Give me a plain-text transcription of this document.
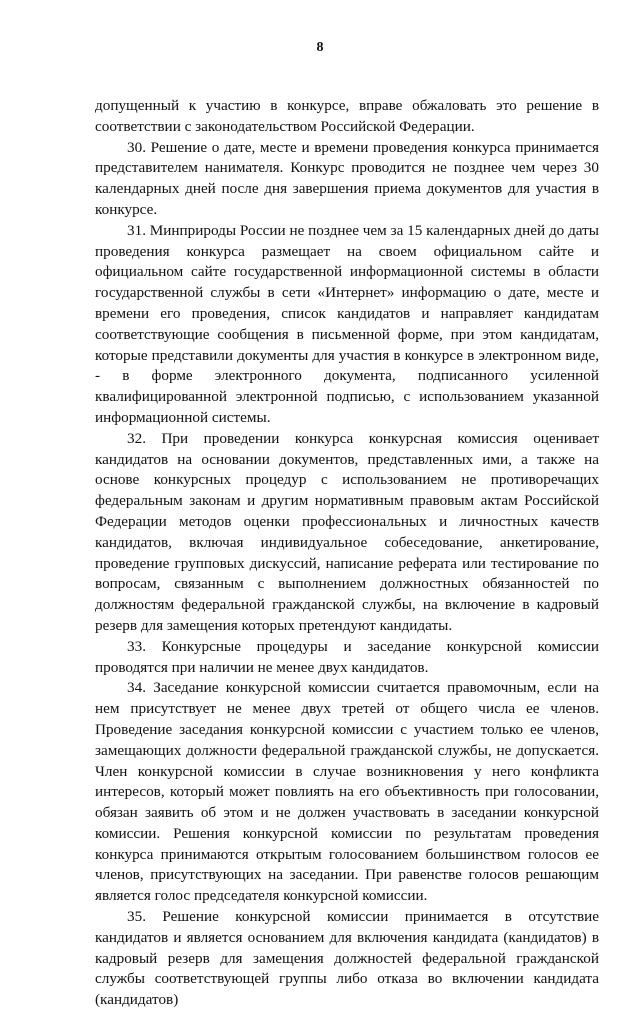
8

допущенный к участию в конкурсе, вправе обжаловать это решение в соответствии с законодательством Российской Федерации.

30. Решение о дате, месте и времени проведения конкурса принимается представителем нанимателя. Конкурс проводится не позднее чем через 30 календарных дней после дня завершения приема документов для участия в конкурсе.

31. Минприроды России не позднее чем за 15 календарных дней до даты проведения конкурса размещает на своем официальном сайте и официальном сайте государственной информационной системы в области государственной службы в сети «Интернет» информацию о дате, месте и времени его проведения, список кандидатов и направляет кандидатам соответствующие сообщения в письменной форме, при этом кандидатам, которые представили документы для участия в конкурсе в электронном виде, - в форме электронного документа, подписанного усиленной квалифицированной электронной подписью, с использованием указанной информационной системы.

32. При проведении конкурса конкурсная комиссия оценивает кандидатов на основании документов, представленных ими, а также на основе конкурсных процедур с использованием не противоречащих федеральным законам и другим нормативным правовым актам Российской Федерации методов оценки профессиональных и личностных качеств кандидатов, включая индивидуальное собеседование, анкетирование, проведение групповых дискуссий, написание реферата или тестирование по вопросам, связанным с выполнением должностных обязанностей по должностям федеральной гражданской службы, на включение в кадровый резерв для замещения которых претендуют кандидаты.

33. Конкурсные процедуры и заседание конкурсной комиссии проводятся при наличии не менее двух кандидатов.

34. Заседание конкурсной комиссии считается правомочным, если на нем присутствует не менее двух третей от общего числа ее членов. Проведение заседания конкурсной комиссии с участием только ее членов, замещающих должности федеральной гражданской службы, не допускается. Член конкурсной комиссии в случае возникновения у него конфликта интересов, который может повлиять на его объективность при голосовании, обязан заявить об этом и не должен участвовать в заседании конкурсной комиссии. Решения конкурсной комиссии по результатам проведения конкурса принимаются открытым голосованием большинством голосов ее членов, присутствующих на заседании. При равенстве голосов решающим является голос председателя конкурсной комиссии.

35. Решение конкурсной комиссии принимается в отсутствие кандидатов и является основанием для включения кандидата (кандидатов) в кадровый резерв для замещения должностей федеральной гражданской службы соответствующей группы либо отказа во включении кандидата (кандидатов)
